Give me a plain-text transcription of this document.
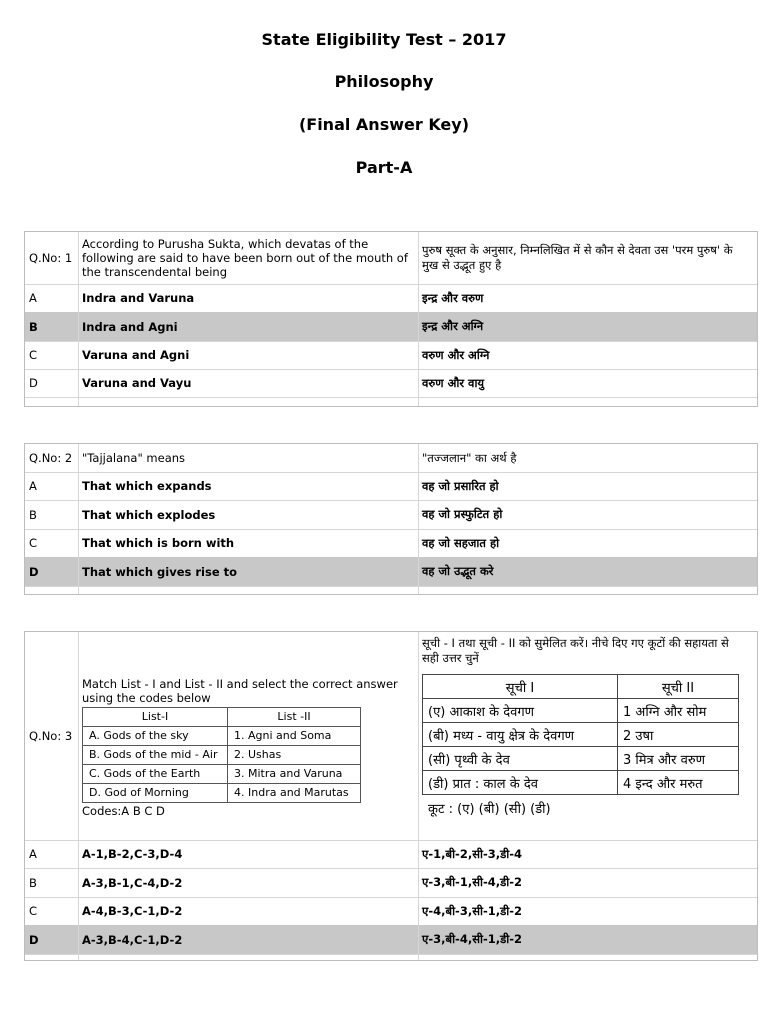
State Eligibility Test – 2017
Philosophy
(Final Answer Key)
Part-A
Q.No: 1
According to Purusha Sukta, which devatas of the following are said to have been born out of the mouth of the transcendental being
पुरुष सूक्त के अनुसार, निम्नलिखित में से कौन से देवता उस 'परम पुरुष' के मुख से उद्भूत हुए है
A	Indra and Varuna	इन्द्र और वरुण
B	Indra and Agni	इन्द्र और अग्नि
C	Varuna and Agni	वरुण और अग्नि
D	Varuna and Vayu	वरुण और वायु
Q.No: 2 "Tajjalana" means	"तज्जलान" का अर्थ है
A	That which expands	वह जो प्रसारित हो
B	That which explodes	वह जो प्रस्फुटित हो
C	That which is born with	वह जो सहजात हो
D	That which gives rise to	वह जो उद्भूत करे
Q.No: 3
Match List - I and List - II and select the correct answer using the codes below
List-I	List -II
A. Gods of the sky	1. Agni and Soma
B. Gods of the mid - Air	2. Ushas
C. Gods of the Earth	3. Mitra and Varuna
D. God of Morning	4. Indra and Marutas
Codes:A B C D
सूची - I तथा सूची - II को सुमेलित करें। नीचे दिए गए कूटों की सहायता से सही उत्तर चुनें
सूची I	सूची II
(ए) आकाश के देवगण	1 अग्नि और सोम
(बी) मध्य - वायु क्षेत्र के देवगण	2 उषा
(सी) पृथ्वी के देव	3 मित्र और वरुण
(डी) प्रात : काल के देव	4 इन्द और मरुत
कूट : (ए) (बी) (सी) (डी)
A	A-1,B-2,C-3,D-4	ए-1,बी-2,सी-3,डी-4
B	A-3,B-1,C-4,D-2	ए-3,बी-1,सी-4,डी-2
C	A-4,B-3,C-1,D-2	ए-4,बी-3,सी-1,डी-2
D	A-3,B-4,C-1,D-2	ए-3,बी-4,सी-1,डी-2
